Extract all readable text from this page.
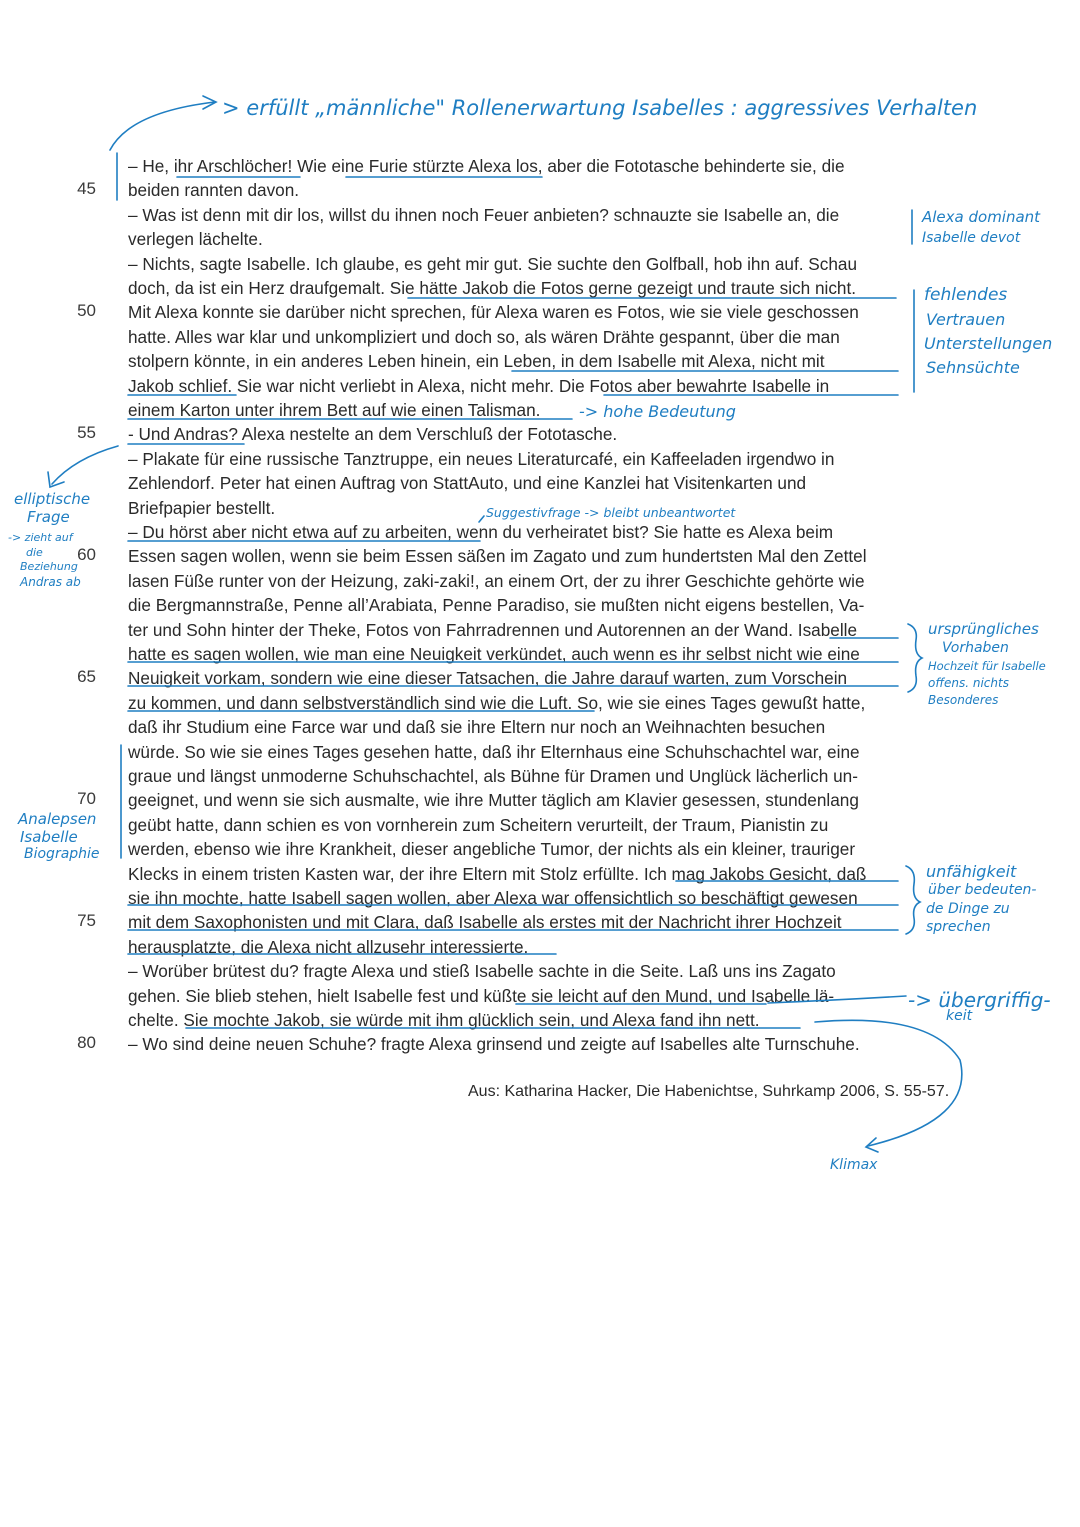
– He, ihr Arschlöcher! Wie eine Furie stürzte Alexa los, aber die Fototasche behinderte sie, die
beiden rannten davon.
– Was ist denn mit dir los, willst du ihnen noch Feuer anbieten? schnauzte sie Isabelle an, die
verlegen lächelte.
– Nichts, sagte Isabelle. Ich glaube, es geht mir gut. Sie suchte den Golfball, hob ihn auf. Schau
doch, da ist ein Herz draufgemalt. Sie hätte Jakob die Fotos gerne gezeigt und traute sich nicht.
Mit Alexa konnte sie darüber nicht sprechen, für Alexa waren es Fotos, wie sie viele geschossen
hatte. Alles war klar und unkompliziert und doch so, als wären Drähte gespannt, über die man
stolpern könnte, in ein anderes Leben hinein, ein Leben, in dem Isabelle mit Alexa, nicht mit
Jakob schlief. Sie war nicht verliebt in Alexa, nicht mehr. Die Fotos aber bewahrte Isabelle in
einem Karton unter ihrem Bett auf wie einen Talisman.
- Und Andras? Alexa nestelte an dem Verschluß der Fototasche.
– Plakate für eine russische Tanztruppe, ein neues Literaturcafé, ein Kaffeeladen irgendwo in
Zehlendorf. Peter hat einen Auftrag von StattAuto, und eine Kanzlei hat Visitenkarten und
Briefpapier bestellt.
– Du hörst aber nicht etwa auf zu arbeiten, wenn du verheiratet bist? Sie hatte es Alexa beim
Essen sagen wollen, wenn sie beim Essen säßen im Zagato und zum hundertsten Mal den Zettel
lasen Füße runter von der Heizung, zaki-zaki!, an einem Ort, der zu ihrer Geschichte gehörte wie
die Bergmannstraße, Penne all’Arabiata, Penne Paradiso, sie mußten nicht eigens bestellen, Va-
ter und Sohn hinter der Theke, Fotos von Fahrradrennen und Autorennen an der Wand. Isabelle
hatte es sagen wollen, wie man eine Neuigkeit verkündet, auch wenn es ihr selbst nicht wie eine
Neuigkeit vorkam, sondern wie eine dieser Tatsachen, die Jahre darauf warten, zum Vorschein
zu kommen, und dann selbstverständlich sind wie die Luft. So, wie sie eines Tages gewußt hatte,
daß ihr Studium eine Farce war und daß sie ihre Eltern nur noch an Weihnachten besuchen
würde. So wie sie eines Tages gesehen hatte, daß ihr Elternhaus eine Schuhschachtel war, eine
graue und längst unmoderne Schuhschachtel, als Bühne für Dramen und Unglück lächerlich un-
geeignet, und wenn sie sich ausmalte, wie ihre Mutter täglich am Klavier gesessen, stundenlang
geübt hatte, dann schien es von vornherein zum Scheitern verurteilt, der Traum, Pianistin zu
werden, ebenso wie ihre Krankheit, dieser angebliche Tumor, der nichts als ein kleiner, trauriger
Klecks in einem tristen Kasten war, der ihre Eltern mit Stolz erfüllte. Ich mag Jakobs Gesicht, daß
sie ihn mochte, hatte Isabell sagen wollen, aber Alexa war offensichtlich so beschäftigt gewesen
mit dem Saxophonisten und mit Clara, daß Isabelle als erstes mit der Nachricht ihrer Hochzeit
herausplatzte, die Alexa nicht allzusehr interessierte.
– Worüber brütest du? fragte Alexa und stieß Isabelle sachte in die Seite. Laß uns ins Zagato
gehen. Sie blieb stehen, hielt Isabelle fest und küßte sie leicht auf den Mund, und Isabelle lä-
chelte. Sie mochte Jakob, sie würde mit ihm glücklich sein, und Alexa fand ihn nett.
– Wo sind deine neuen Schuhe? fragte Alexa grinsend und zeigte auf Isabelles alte Turnschuhe.
45
50
55
60
65
70
75
80
Aus: Katharina Hacker, Die Habenichtse, Suhrkamp 2006, S. 55-57.
> erfüllt „männliche" Rollenerwartung Isabelles : aggressives Verhalten
Alexa dominant
Isabelle devot
fehlendes
Vertrauen
Unterstellungen
Sehnsüchte
-> hohe Bedeutung
elliptische
Frage
-> zieht auf
die
Beziehung
Andras ab
Suggestivfrage -> bleibt unbeantwortet
ursprüngliches
Vorhaben
Hochzeit für Isabelle
offens. nichts
Besonderes
Analepsen
Isabelle
Biographie
unfähigkeit
über bedeuten-
de Dinge zu
sprechen
-> übergriffig-
keit
Klimax
